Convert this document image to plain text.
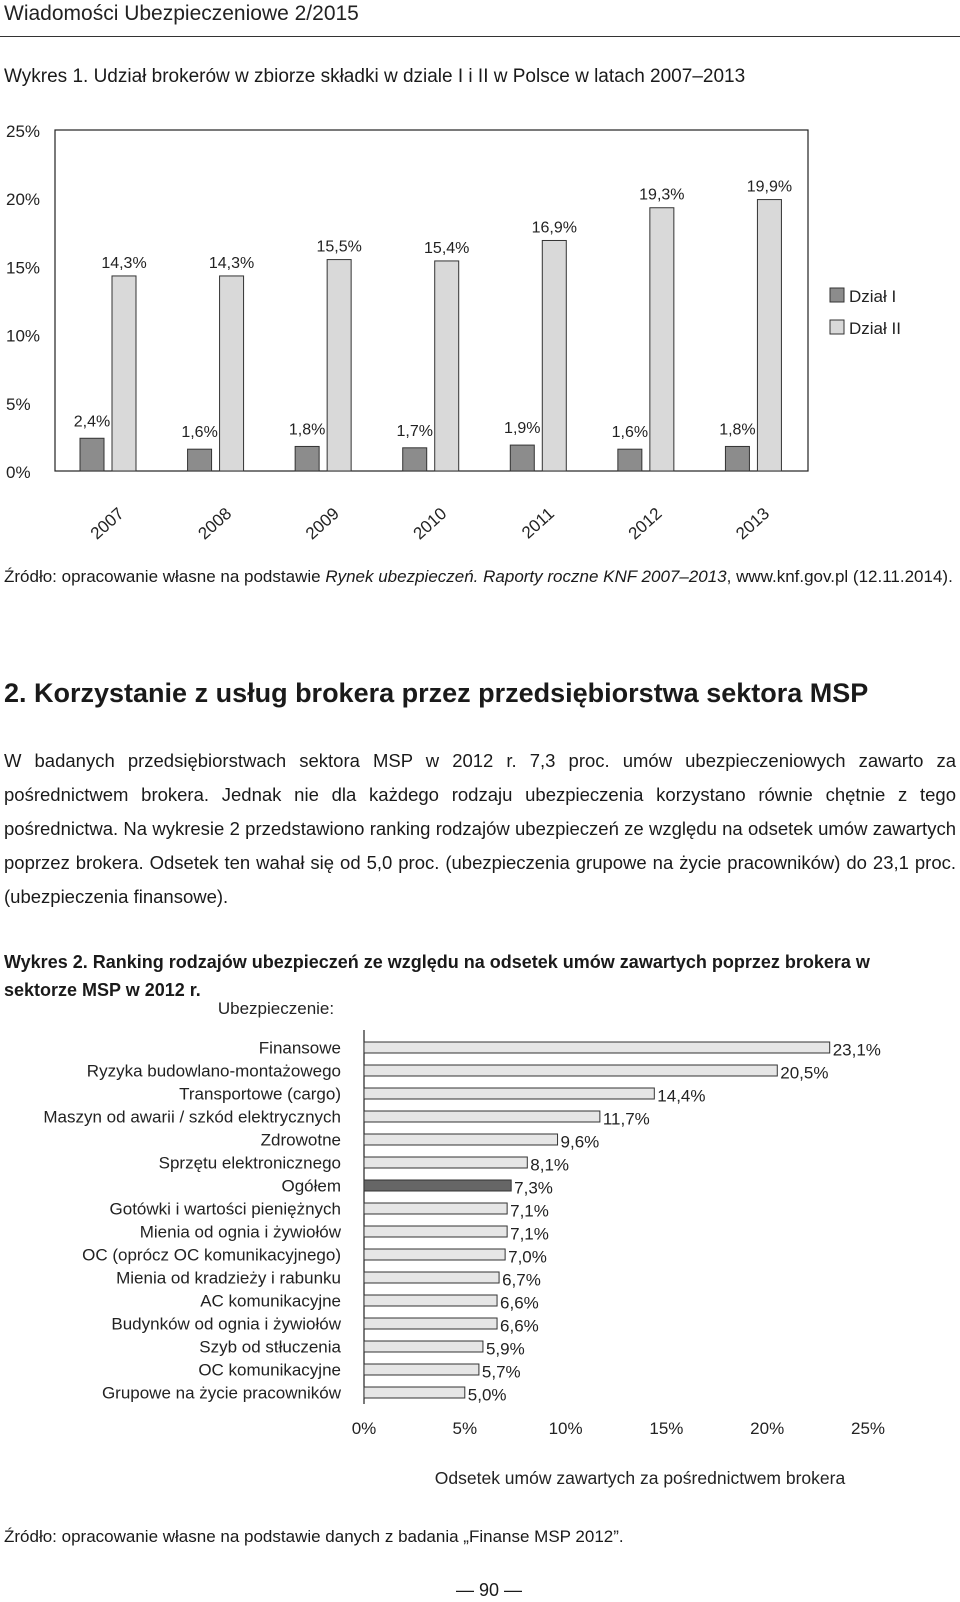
Wiadomości Ubezpieczeniowe 2/2015
Wykres 1. Udział brokerów w zbiorze składki w dziale I i II w Polsce w latach 2007–2013
0%
5%
10%
15%
20%
25%
2,4%
14,3%
2007
1,6%
14,3%
2008
1,8%
15,5%
2009
1,7%
15,4%
2010
1,9%
16,9%
2011
1,6%
19,3%
2012
1,8%
19,9%
2013
Dział I
Dział II
Źródło: opracowanie własne na podstawie Rynek ubezpieczeń. Raporty roczne KNF 2007–2013, www.knf.gov.pl (12.11.2014).
2. Korzystanie z usług brokera przez przedsiębiorstwa sektora MSP
W badanych przedsiębiorstwach sektora MSP w 2012 r. 7,3 proc. umów ubezpieczeniowych zawarto za pośrednictwem brokera. Jednak nie dla każdego rodzaju ubezpieczenia korzystano równie chętnie z tego pośrednictwa. Na wykresie 2 przedstawiono ranking rodzajów ubezpieczeń ze względu na odsetek umów zawartych poprzez brokera. Odsetek ten wahał się od 5,0 proc. (ubezpieczenia grupowe na życie pracowników) do 23,1 proc. (ubezpieczenia finansowe).
Wykres 2. Ranking rodzajów ubezpieczeń ze względu na odsetek umów zawartych poprzez brokera w sektorze MSP w 2012 r.
Ubezpieczenie:
Finansowe	23,1%
Ryzyka budowlano-montażowego	20,5%
Transportowe (cargo)	14,4%
Maszyn od awarii / szkód elektrycznych	11,7%
Zdrowotne	9,6%
Sprzętu elektronicznego	8,1%
Ogółem	7,3%
Gotówki i wartości pieniężnych	7,1%
Mienia od ognia i żywiołów	7,1%
OC (oprócz OC komunikacyjnego)	7,0%
Mienia od kradzieży i rabunku	6,7%
AC komunikacyjne	6,6%
Budynków od ognia i żywiołów	6,6%
Szyb od stłuczenia	5,9%
OC komunikacyjne	5,7%
Grupowe na życie pracowników	5,0%
0%	5%	10%	15%	20%	25%
Odsetek umów zawartych za pośrednictwem brokera
Źródło: opracowanie własne na podstawie danych z badania „Finanse MSP 2012”.
— 90 —
